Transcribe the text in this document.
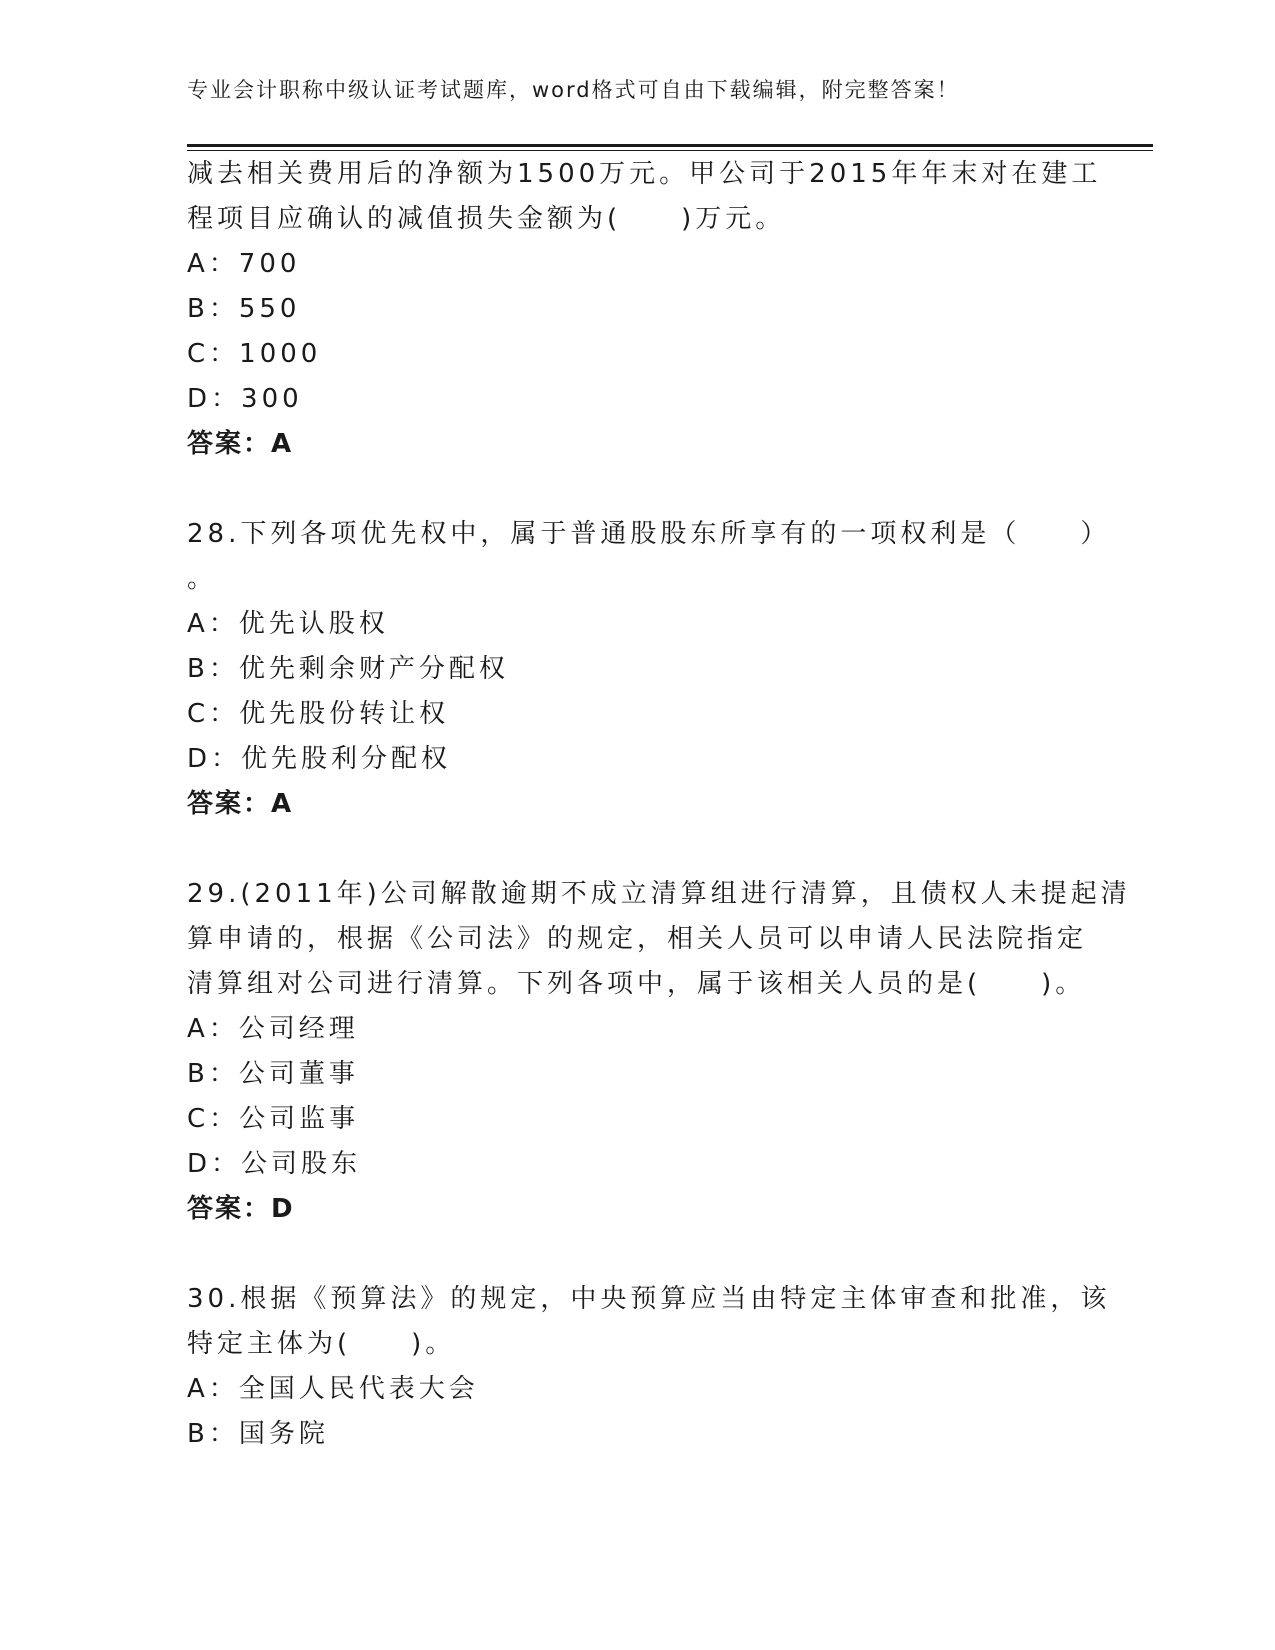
专业会计职称中级认证考试题库，word格式可自由下载编辑，附完整答案！
减去相关费用后的净额为1500万元。甲公司于2015年年末对在建工
程项目应确认的减值损失金额为(　　)万元。
A：700
B：550
C：1000
D：300
答案：A
28.下列各项优先权中，属于普通股股东所享有的一项权利是（　　）
。
A：优先认股权
B：优先剩余财产分配权
C：优先股份转让权
D：优先股利分配权
答案：A
29.(2011年)公司解散逾期不成立清算组进行清算，且债权人未提起清
算申请的，根据《公司法》的规定，相关人员可以申请人民法院指定
清算组对公司进行清算。下列各项中，属于该相关人员的是(　　)。
A：公司经理
B：公司董事
C：公司监事
D：公司股东
答案：D
30.根据《预算法》的规定，中央预算应当由特定主体审查和批准，该
特定主体为(　　)。
A：全国人民代表大会
B：国务院
